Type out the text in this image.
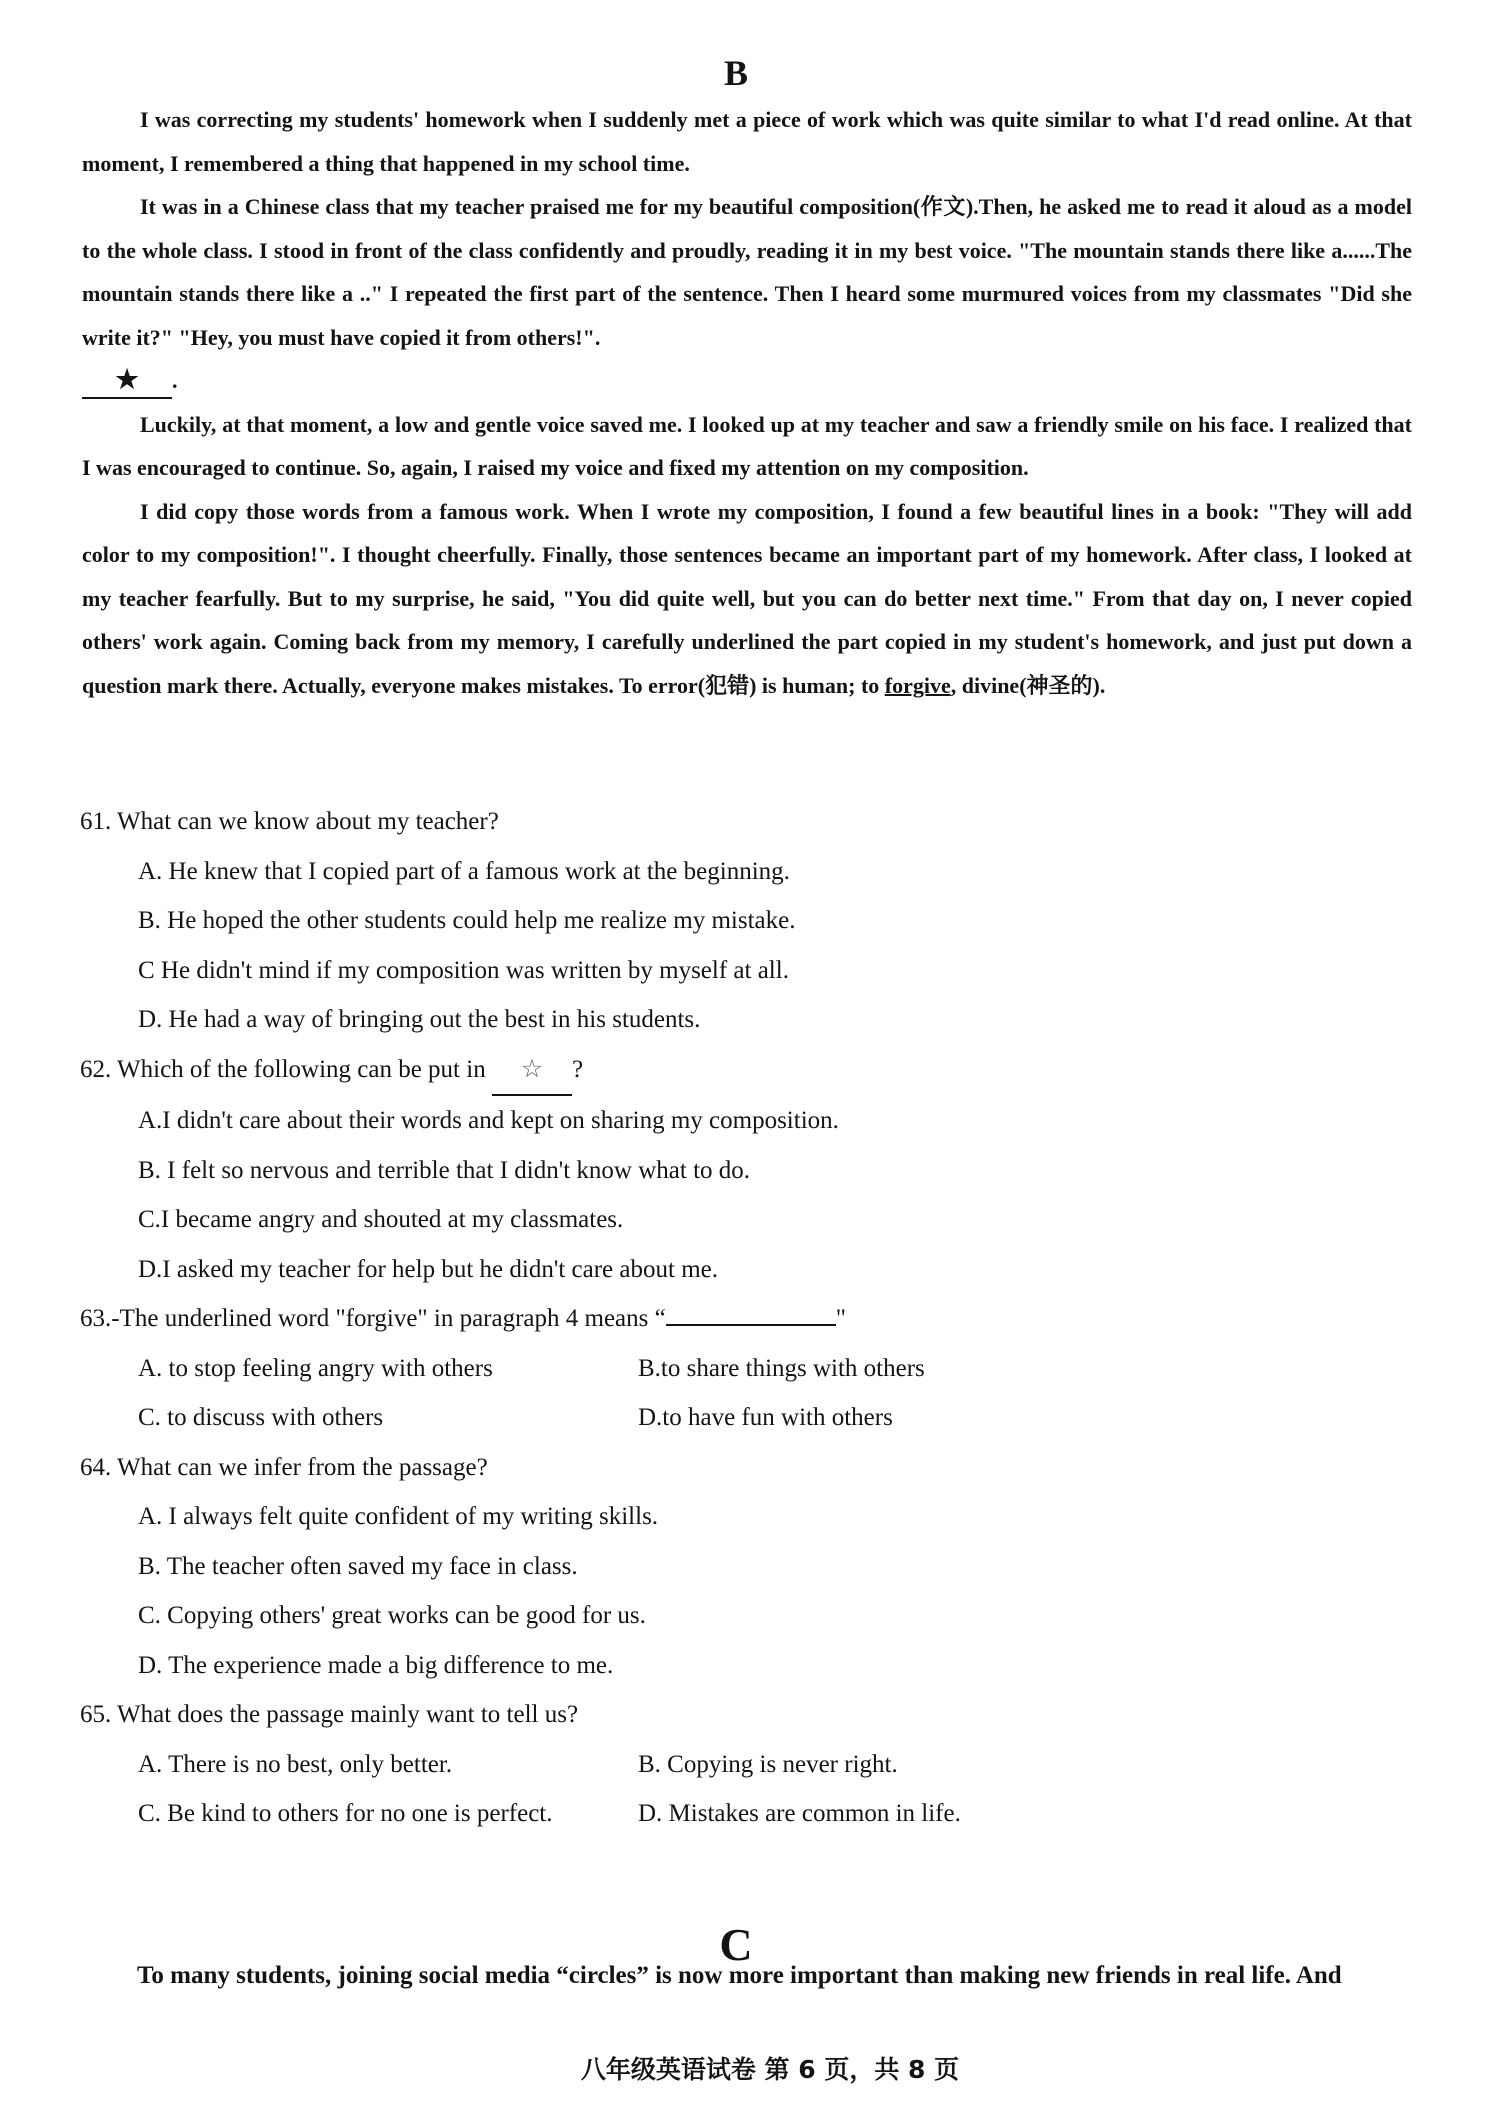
B

I was correcting my students' homework when I suddenly met a piece of work which was quite similar to what I'd read online. At that moment, I remembered a thing that happened in my school time.

It was in a Chinese class that my teacher praised me for my beautiful composition(作文).Then, he asked me to read it aloud as a model to the whole class. I stood in front of the class confidently and proudly, reading it in my best voice. "The mountain stands there like a......The mountain stands there like a .." I repeated the first part of the sentence. Then I heard some murmured voices from my classmates "Did she write it?" "Hey, you must have copied it from others!".

★ .

Luckily, at that moment, a low and gentle voice saved me. I looked up at my teacher and saw a friendly smile on his face. I realized that I was encouraged to continue. So, again, I raised my voice and fixed my attention on my composition.

I did copy those words from a famous work. When I wrote my composition, I found a few beautiful lines in a book: "They will add color to my composition!". I thought cheerfully. Finally, those sentences became an important part of my homework. After class, I looked at my teacher fearfully. But to my surprise, he said, "You did quite well, but you can do better next time." From that day on, I never copied others' work again. Coming back from my memory, I carefully underlined the part copied in my student's homework, and just put down a question mark there. Actually, everyone makes mistakes. To error(犯错) is human; to forgive, divine(神圣的).

61. What can we know about my teacher?

A. He knew that I copied part of a famous work at the beginning.

B. He hoped the other students could help me realize my mistake.

C He didn't mind if my composition was written by myself at all.

D. He had a way of bringing out the best in his students.

62. Which of the following can be put in ☆ ?

A.I didn't care about their words and kept on sharing my composition.

B. I felt so nervous and terrible that I didn't know what to do.

C.I became angry and shouted at my classmates.

D.I asked my teacher for help but he didn't care about me.

63.-The underlined word "forgive" in paragraph 4 means “	"

A. to stop feeling angry with others	B.to share things with others

C. to discuss with others	D.to have fun with others

64. What can we infer from the passage?

A. I always felt quite confident of my writing skills.

B. The teacher often saved my face in class.

C. Copying others' great works can be good for us.

D. The experience made a big difference to me.

65. What does the passage mainly want to tell us?

A. There is no best, only better.	B. Copying is never right.

C. Be kind to others for no one is perfect.	D. Mistakes are common in life.

C

To many students, joining social media “circles” is now more important than making new friends in real life. And

八年级英语试卷 第 6 页，共 8 页
